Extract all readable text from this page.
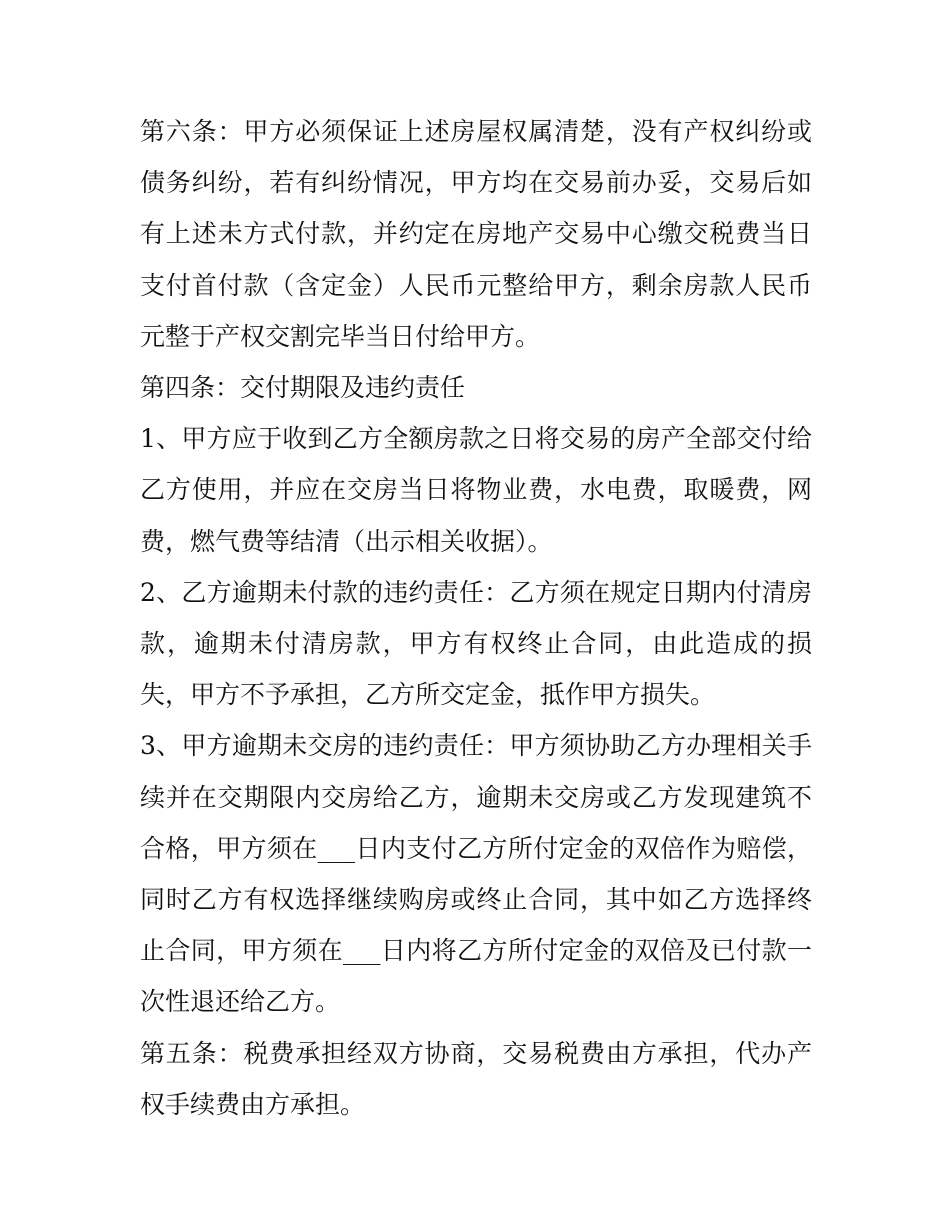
第六条：甲方必须保证上述房屋权属清楚，没有产权纠纷或债务纠纷，若有纠纷情况，甲方均在交易前办妥，交易后如有上述未方式付款，并约定在房地产交易中心缴交税费当日支付首付款（含定金）人民币元整给甲方，剩余房款人民币元整于产权交割完毕当日付给甲方。

第四条：交付期限及违约责任

1、甲方应于收到乙方全额房款之日将交易的房产全部交付给乙方使用，并应在交房当日将物业费，水电费，取暖费，网费，燃气费等结清（出示相关收据）。

2、乙方逾期未付款的违约责任：乙方须在规定日期内付清房款，逾期未付清房款，甲方有权终止合同，由此造成的损失，甲方不予承担，乙方所交定金，抵作甲方损失。

3、甲方逾期未交房的违约责任：甲方须协助乙方办理相关手续并在交期限内交房给乙方，逾期未交房或乙方发现建筑不合格，甲方须在___日内支付乙方所付定金的双倍作为赔偿，同时乙方有权选择继续购房或终止合同，其中如乙方选择终止合同，甲方须在___日内将乙方所付定金的双倍及已付款一次性退还给乙方。

第五条：税费承担经双方协商，交易税费由方承担，代办产权手续费由方承担。
